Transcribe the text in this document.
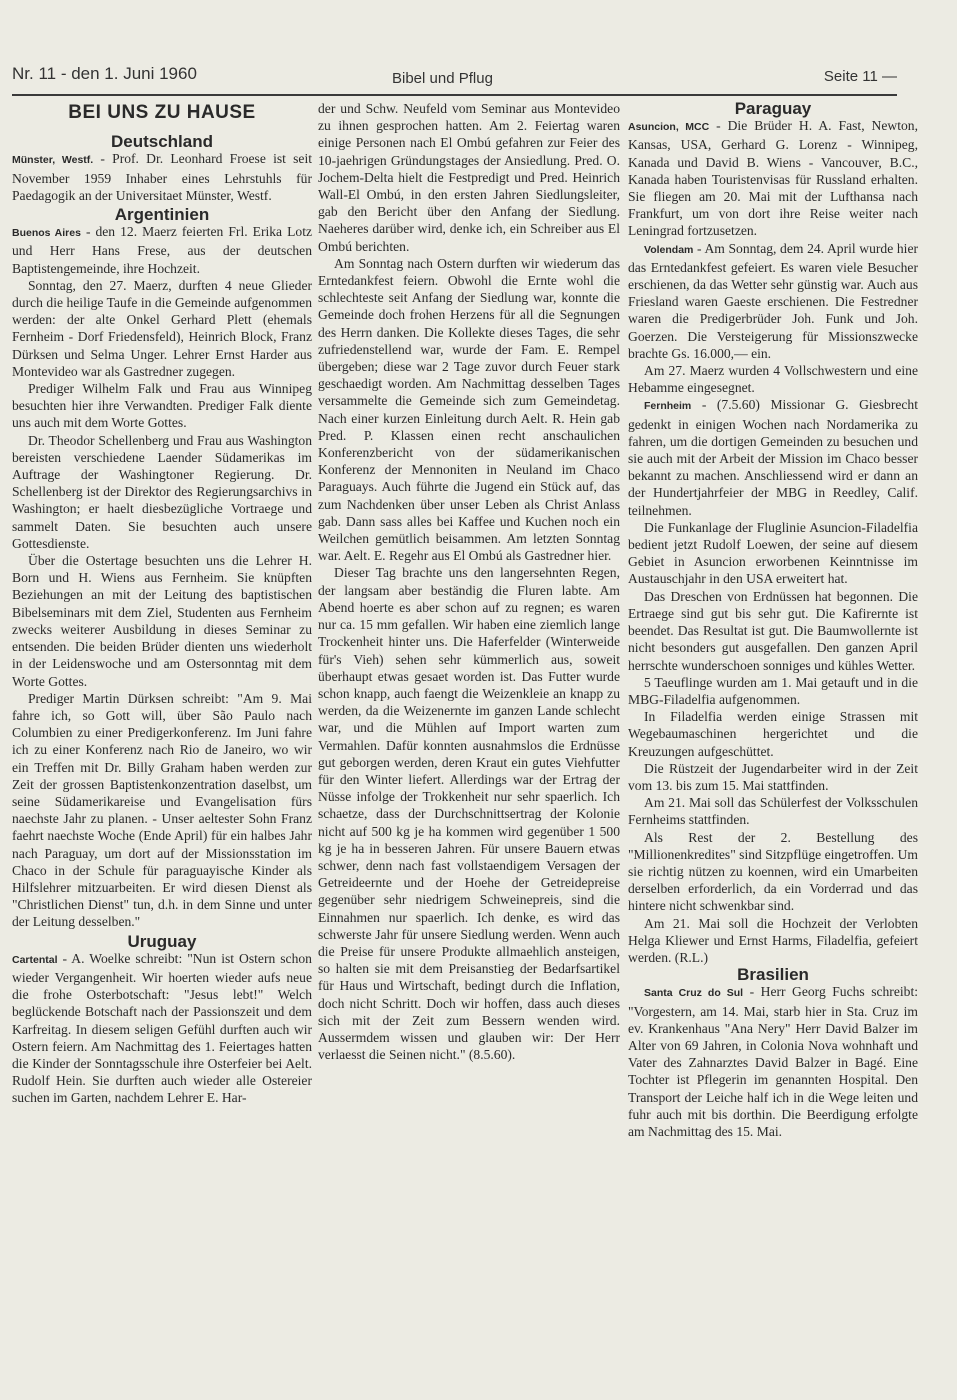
Nr. 11 - den 1. Juni 1960	Bibel und Pflug	Seite 11 —
BEI UNS ZU HAUSE
Deutschland

Münster, Westf. - Prof. Dr. Leonhard Froese ist seit November 1959 Inhaber eines Lehrstuhls für Paedagogik an der Universitaet Münster, Westf.

Argentinien

Buenos Aires - den 12. Maerz feierten Frl. Erika Lotz und Herr Hans Frese, aus der deutschen Baptistengemeinde, ihre Hochzeit.

Sonntag, den 27. Maerz, durften 4 neue Glieder durch die heilige Taufe in die Gemeinde aufgenommen werden: der alte Onkel Gerhard Plett (ehemals Fernheim - Dorf Friedensfeld), Heinrich Block, Franz Dürksen und Selma Unger. Lehrer Ernst Harder aus Montevideo war als Gastredner zugegen.

Prediger Wilhelm Falk und Frau aus Winnipeg besuchten hier ihre Verwandten. Prediger Falk diente uns auch mit dem Worte Gottes.

Dr. Theodor Schellenberg und Frau aus Washington bereisten verschiedene Laender Südamerikas im Auftrage der Washingtoner Regierung. Dr. Schellenberg ist der Direktor des Regierungsarchivs in Washington; er haelt diesbezügliche Vortraege und sammelt Daten. Sie besuchten auch unsere Gottesdienste.

Über die Ostertage besuchten uns die Lehrer H. Born und H. Wiens aus Fernheim. Sie knüpften Beziehungen an mit der Leitung des baptistischen Bibelseminars mit dem Ziel, Studenten aus Fernheim zwecks weiterer Ausbildung in dieses Seminar zu entsenden. Die beiden Brüder dienten uns wiederholt in der Leidenswoche und am Ostersonntag mit dem Worte Gottes.

Prediger Martin Dürksen schreibt: "Am 9. Mai fahre ich, so Gott will, über São Paulo nach Columbien zu einer Predigerkonferenz. Im Juni fahre ich zu einer Konferenz nach Rio de Janeiro, wo wir ein Treffen mit Dr. Billy Graham haben werden zur Zeit der grossen Baptistenkonzentration daselbst, um seine Südamerikareise und Evangelisation fürs naechste Jahr zu planen. - Unser aeltester Sohn Franz faehrt naechste Woche (Ende April) für ein halbes Jahr nach Paraguay, um dort auf der Missionsstation im Chaco in der Schule für paraguayische Kinder als Hilfslehrer mitzuarbeiten. Er wird diesen Dienst als "Christlichen Dienst" tun, d.h. in dem Sinne und unter der Leitung desselben."

Uruguay

Cartental - A. Woelke schreibt: "Nun ist Ostern schon wieder Vergangenheit. Wir hoerten wieder aufs neue die frohe Osterbotschaft: "Jesus lebt!" Welch beglückende Botschaft nach der Passionszeit und dem Karfreitag. In diesem seligen Gefühl durften auch wir Ostern feiern. Am Nachmittag des 1. Feiertages hatten die Kinder der Sonntagsschule ihre Osterfeier bei Aelt. Rudolf Hein. Sie durften auch wieder alle Ostereier suchen im Garten, nachdem Lehrer E. Har-

der und Schw. Neufeld vom Seminar aus Montevideo zu ihnen gesprochen hatten. Am 2. Feiertag waren einige Personen nach El Ombú gefahren zur Feier des 10-jaehrigen Gründungstages der Ansiedlung. Pred. O. Jochem-Delta hielt die Festpredigt und Pred. Heinrich Wall-El Ombú, in den ersten Jahren Siedlungsleiter, gab den Bericht über den Anfang der Siedlung. Naeheres darüber wird, denke ich, ein Schreiber aus El Ombú berichten.

Am Sonntag nach Ostern durften wir wiederum das Erntedankfest feiern. Obwohl die Ernte wohl die schlechteste seit Anfang der Siedlung war, konnte die Gemeinde doch frohen Herzens für all die Segnungen des Herrn danken. Die Kollekte dieses Tages, die sehr zufriedenstellend war, wurde der Fam. E. Rempel übergeben; diese war 2 Tage zuvor durch Feuer stark geschaedigt worden. Am Nachmittag desselben Tages versammelte die Gemeinde sich zum Gemeindetag. Nach einer kurzen Einleitung durch Aelt. R. Hein gab Pred. P. Klassen einen recht anschaulichen Konferenzbericht von der südamerikanischen Konferenz der Mennoniten in Neuland im Chaco Paraguays. Auch führte die Jugend ein Stück auf, das zum Nachdenken über unser Leben als Christ Anlass gab. Dann sass alles bei Kaffee und Kuchen noch ein Weilchen gemütlich beisammen. Am letzten Sonntag war. Aelt. E. Regehr aus El Ombú als Gastredner hier.

Dieser Tag brachte uns den langersehnten Regen, der langsam aber beständig die Fluren labte. Am Abend hoerte es aber schon auf zu regnen; es waren nur ca. 15 mm gefallen. Wir haben eine ziemlich lange Trockenheit hinter uns. Die Haferfelder (Winterweide für's Vieh) sehen sehr kümmerlich aus, soweit überhaupt etwas gesaet worden ist. Das Futter wurde schon knapp, auch faengt die Weizenkleie an knapp zu werden, da die Weizenernte im ganzen Lande schlecht war, und die Mühlen auf Import warten zum Vermahlen. Dafür konnten ausnahmslos die Erdnüsse gut geborgen werden, deren Kraut ein gutes Viehfutter für den Winter liefert. Allerdings war der Ertrag der Nüsse infolge der Trokkenheit nur sehr spaerlich. Ich schaetze, dass der Durchschnittsertrag der Kolonie nicht auf 500 kg je ha kommen wird gegenüber 1 500 kg je ha in besseren Jahren. Für unsere Bauern etwas schwer, denn nach fast vollstaendigem Versagen der Getreideernte und der Hoehe der Getreidepreise gegenüber sehr niedrigem Schweinepreis, sind die Einnahmen nur spaerlich. Ich denke, es wird das schwerste Jahr für unsere Siedlung werden. Wenn auch die Preise für unsere Produkte allmaehlich ansteigen, so halten sie mit dem Preisanstieg der Bedarfsartikel für Haus und Wirtschaft, bedingt durch die Inflation, doch nicht Schritt. Doch wir hoffen, dass auch dieses sich mit der Zeit zum Bessern wenden wird. Aussermdem wissen und glauben wir: Der Herr verlaesst die Seinen nicht." (8.5.60).

Paraguay

Asuncion, MCC - Die Brüder H. A. Fast, Newton, Kansas, USA, Gerhard G. Lorenz - Winnipeg, Kanada und David B. Wiens - Vancouver, B.C., Kanada haben Touristenvisas für Russland erhalten. Sie fliegen am 20. Mai mit der Lufthansa nach Frankfurt, um von dort ihre Reise weiter nach Leningrad fortzusetzen.

Volendam - Am Sonntag, dem 24. April wurde hier das Erntedankfest gefeiert. Es waren viele Besucher erschienen, da das Wetter sehr günstig war. Auch aus Friesland waren Gaeste erschienen. Die Festredner waren die Predigerbrüder Joh. Funk und Joh. Goerzen. Die Versteigerung für Missionszwecke brachte Gs. 16.000,— ein.

Am 27. Maerz wurden 4 Vollschwestern und eine Hebamme eingesegnet.

Fernheim - (7.5.60) Missionar G. Giesbrecht gedenkt in einigen Wochen nach Nordamerika zu fahren, um die dortigen Gemeinden zu besuchen und sie auch mit der Arbeit der Mission im Chaco besser bekannt zu machen. Anschliessend wird er dann an der Hundertjahrfeier der MBG in Reedley, Calif. teilnehmen.

Die Funkanlage der Fluglinie Asuncion-Filadelfia bedient jetzt Rudolf Loewen, der seine auf diesem Gebiet in Asuncion erworbenen Keinntnisse im Austauschjahr in den USA erweitert hat.

Das Dreschen von Erdnüssen hat begonnen. Die Ertraege sind gut bis sehr gut. Die Kafirernte ist beendet. Das Resultat ist gut. Die Baumwollernte ist nicht besonders gut ausgefallen. Den ganzen April herrschte wunderschoen sonniges und kühles Wetter.

5 Taeuflinge wurden am 1. Mai getauft und in die MBG-Filadelfia aufgenommen.

In Filadelfia werden einige Strassen mit Wegebaumaschinen hergerichtet und die Kreuzungen aufgeschüttet.

Die Rüstzeit der Jugendarbeiter wird in der Zeit vom 13. bis zum 15. Mai stattfinden.

Am 21. Mai soll das Schülerfest der Volksschulen Fernheims stattfinden.

Als Rest der 2. Bestellung des "Millionenkredites" sind Sitzpflüge eingetroffen. Um sie richtig nützen zu koennen, wird ein Umarbeiten derselben erforderlich, da ein Vorderrad und das hintere nicht schwenkbar sind.

Am 21. Mai soll die Hochzeit der Verlobten Helga Kliewer und Ernst Harms, Filadelfia, gefeiert werden. (R.L.)

Brasilien

Santa Cruz do Sul - Herr Georg Fuchs schreibt: "Vorgestern, am 14. Mai, starb hier in Sta. Cruz im ev. Krankenhaus "Ana Nery" Herr David Balzer im Alter von 69 Jahren, in Colonia Nova wohnhaft und Vater des Zahnarztes David Balzer in Bagé. Eine Tochter ist Pflegerin im genannten Hospital. Den Transport der Leiche half ich in die Wege leiten und fuhr auch mit bis dorthin. Die Beerdigung erfolgte am Nachmittag des 15. Mai.
